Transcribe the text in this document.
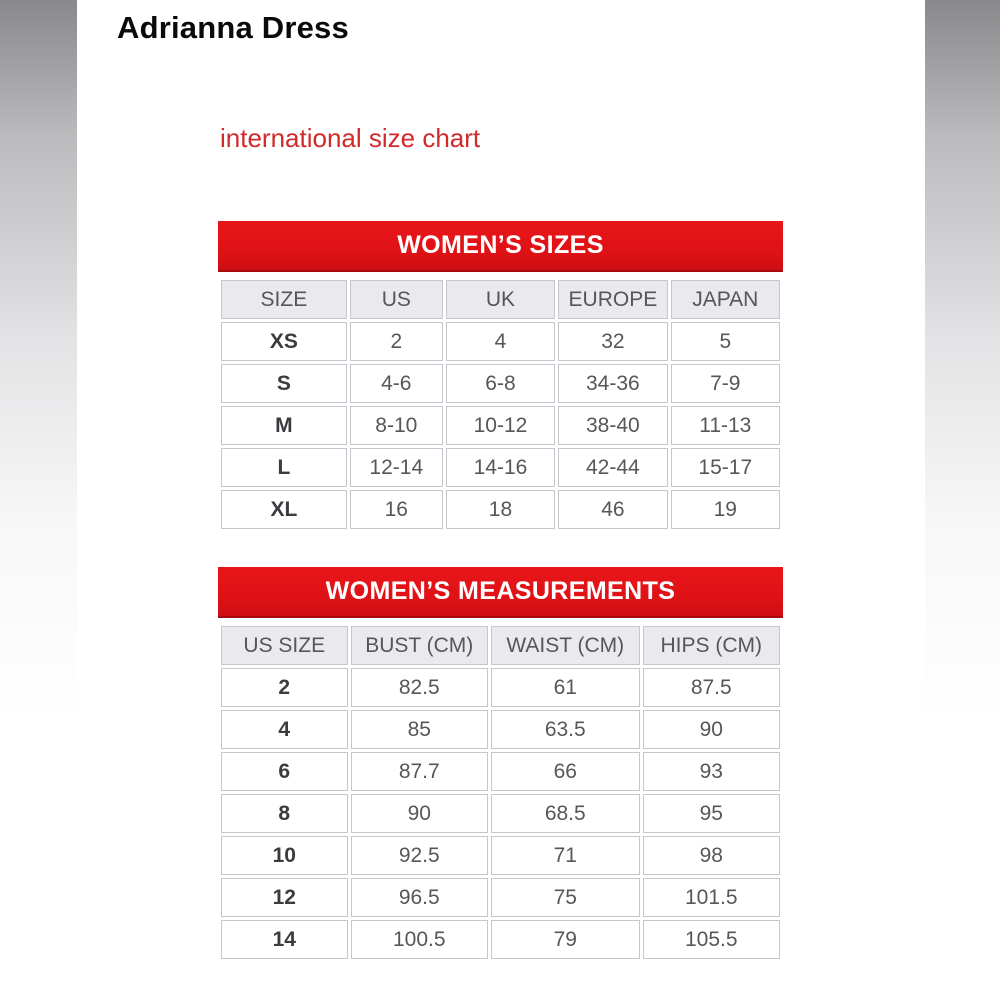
Adrianna Dress
international size chart
WOMEN’S SIZES
SIZE	US	UK	EUROPE	JAPAN
XS	2	4	32	5
S	4-6	6-8	34-36	7-9
M	8-10	10-12	38-40	11-13
L	12-14	14-16	42-44	15-17
XL	16	18	46	19
WOMEN’S MEASUREMENTS
US SIZE	BUST (CM)	WAIST (CM)	HIPS (CM)
2	82.5	61	87.5
4	85	63.5	90
6	87.7	66	93
8	90	68.5	95
10	92.5	71	98
12	96.5	75	101.5
14	100.5	79	105.5
